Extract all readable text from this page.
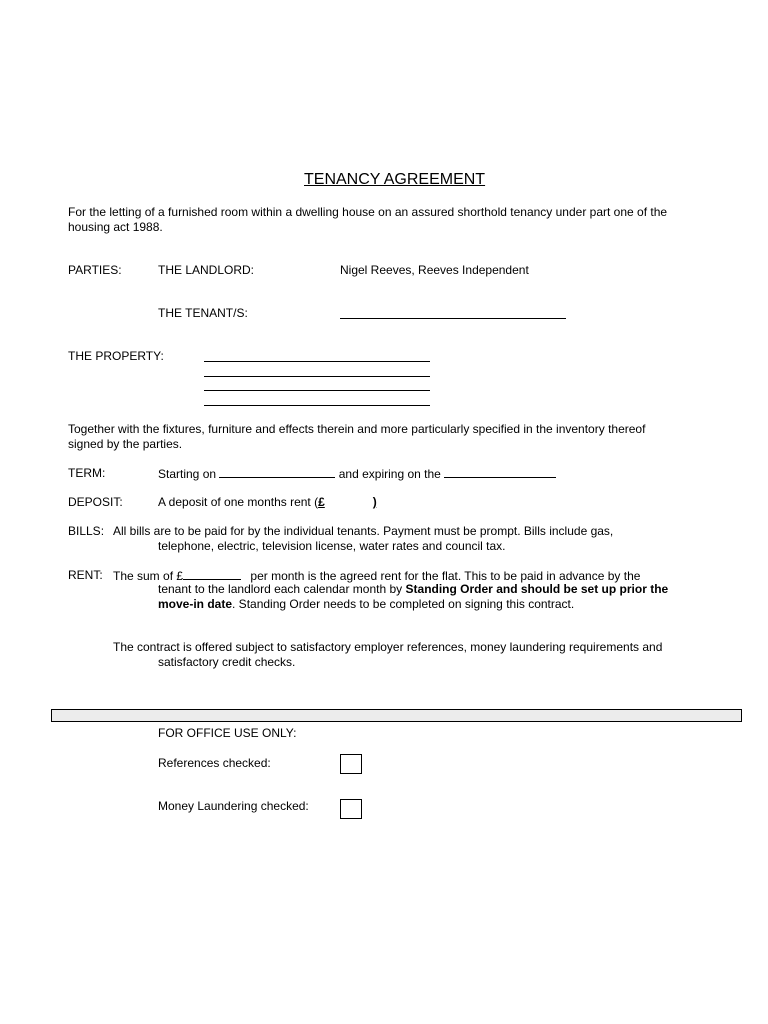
TENANCY AGREEMENT
For the letting of a furnished room within a dwelling house on an assured shorthold tenancy under part one of the
housing act 1988.
PARTIES:	THE LANDLORD:	Nigel Reeves, Reeves Independent
THE TENANT/S:
THE PROPERTY:
Together with the fixtures, furniture and effects therein and more particularly specified in the inventory thereof
signed by the parties.
TERM:	Starting on	and expiring on the
DEPOSIT:	A deposit of one months rent (£	)
BILLS: All bills are to be paid for by the individual tenants. Payment must be prompt. Bills include gas,
telephone, electric, television license, water rates and council tax.
RENT: The sum of £	per month is the agreed rent for the flat. This to be paid in advance by the
tenant to the landlord each calendar month by Standing Order and should be set up prior the
move-in date. Standing Order needs to be completed on signing this contract.
The contract is offered subject to satisfactory employer references, money laundering requirements and
satisfactory credit checks.
FOR OFFICE USE ONLY:
References checked:
Money Laundering checked:
